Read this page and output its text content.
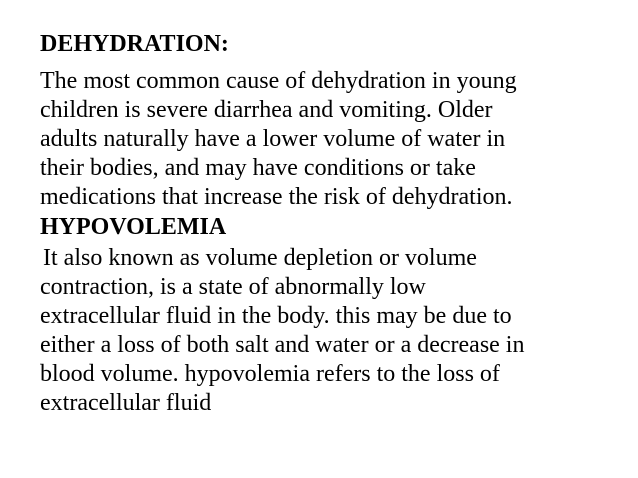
DEHYDRATION:
The most common cause of dehydration in young
children is severe diarrhea and vomiting. Older
adults naturally have a lower volume of water in
their bodies, and may have conditions or take
medications that increase the risk of dehydration.
HYPOVOLEMIA
It also known as volume depletion or volume
contraction, is a state of abnormally low
extracellular fluid in the body. this may be due to
either a loss of both salt and water or a decrease in
blood volume. hypovolemia refers to the loss of
extracellular fluid
